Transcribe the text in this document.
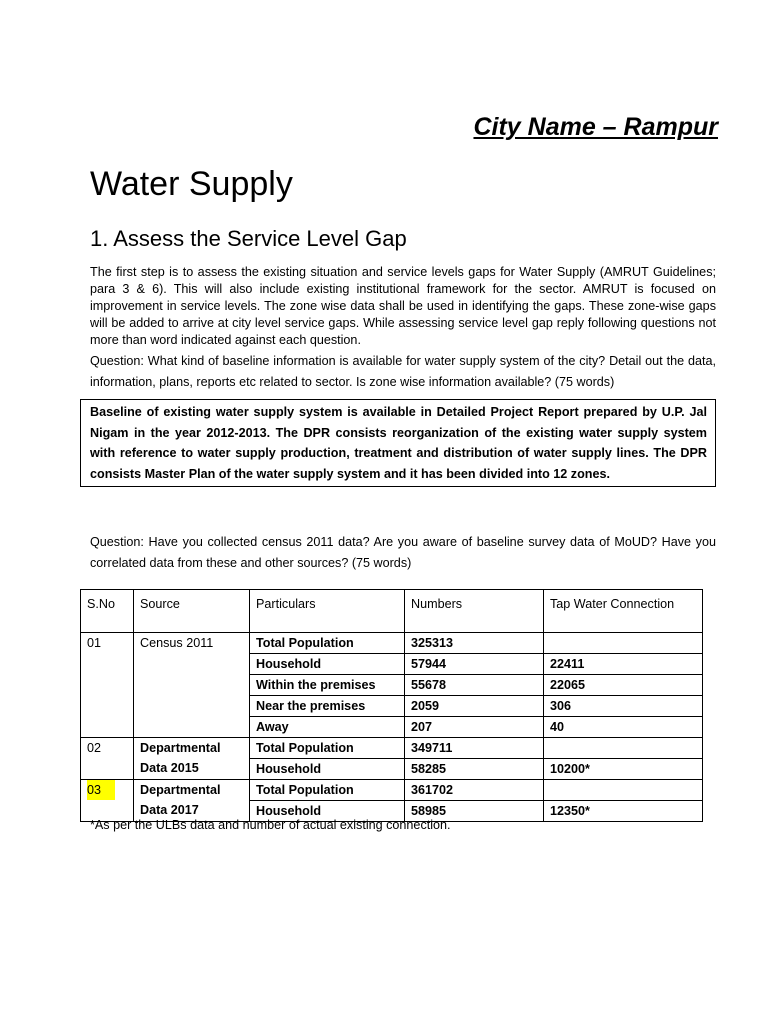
City Name – Rampur
Water Supply
1. Assess the Service Level Gap

The first step is to assess the existing situation and service levels gaps for Water Supply (AMRUT Guidelines; para 3 & 6). This will also include existing institutional framework for the sector. AMRUT is focused on improvement in service levels. The zone wise data shall be used in identifying the gaps. These zone-wise gaps will be added to arrive at city level service gaps. While assessing service level gap reply following questions not more than word indicated against each question.

Question: What kind of baseline information is available for water supply system of the city? Detail out the data, information, plans, reports etc related to sector. Is zone wise information available? (75 words)

Baseline of existing water supply system is available in Detailed Project Report prepared by U.P. Jal Nigam in the year 2012-2013. The DPR consists reorganization of the existing water supply system with reference to water supply production, treatment and distribution of water supply lines. The DPR consists Master Plan of the water supply system and it has been divided into 12 zones.

Question: Have you collected census 2011 data? Are you aware of baseline survey data of MoUD? Have you correlated data from these and other sources? (75 words)

S.No	Source	Particulars	Numbers	Tap Water Connection
01	Census 2011	Total Population	325313	
		Household	57944	22411
		Within the premises	55678	22065
		Near the premises	2059	306
		Away	207	40
02	Departmental Data 2015	Total Population	349711	
		Household	58285	10200*
03	Departmental Data 2017	Total Population	361702	
		Household	58985	12350*

*As per the ULBs data and number of actual existing connection.
